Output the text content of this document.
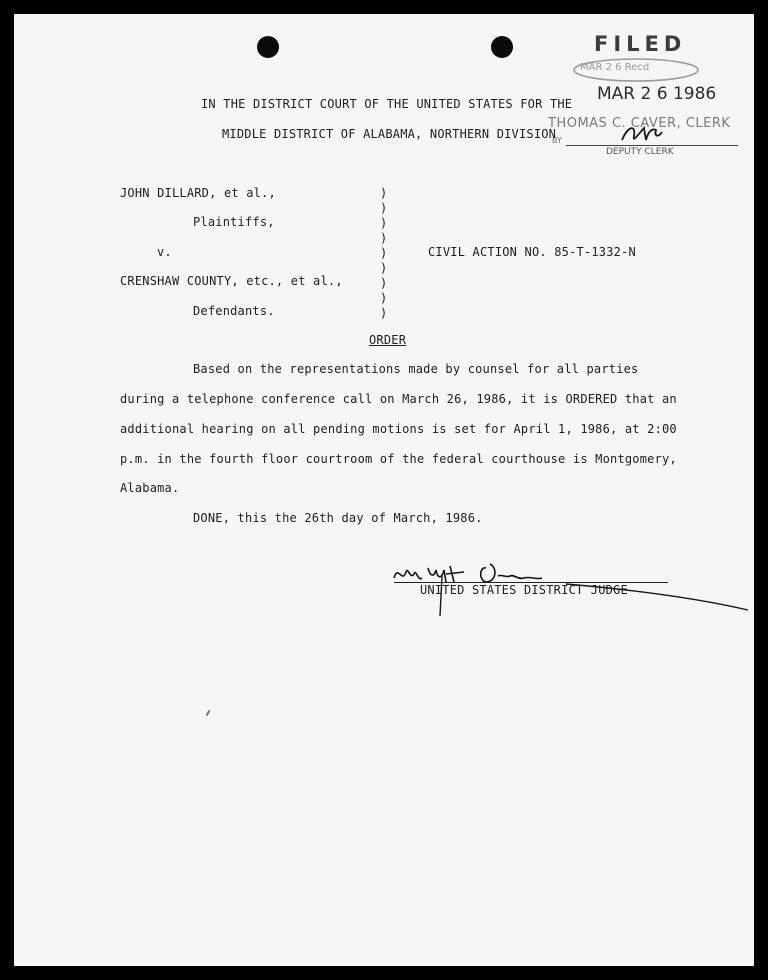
FILED
MAR 2 6 Recd
MAR 2 6 1986
THOMAS C. CAVER, CLERK
BY
DEPUTY CLERK
IN THE DISTRICT COURT OF THE UNITED STATES FOR THE
MIDDLE DISTRICT OF ALABAMA, NORTHERN DIVISION
JOHN DILLARD, et al.,
Plaintiffs,
v.
CRENSHAW COUNTY, etc., et al.,
Defendants.
)
)
)
)
)
)
)
)
)
CIVIL ACTION NO. 85-T-1332-N
ORDER
Based on the representations made by counsel for all parties
during a telephone conference call on March 26, 1986, it is ORDERED that an
additional hearing on all pending motions is set for April 1, 1986, at 2:00
p.m. in the fourth floor courtroom of the federal courthouse is Montgomery,
Alabama.
DONE, this the 26th day of March, 1986.
UNITED STATES DISTRICT JUDGE
